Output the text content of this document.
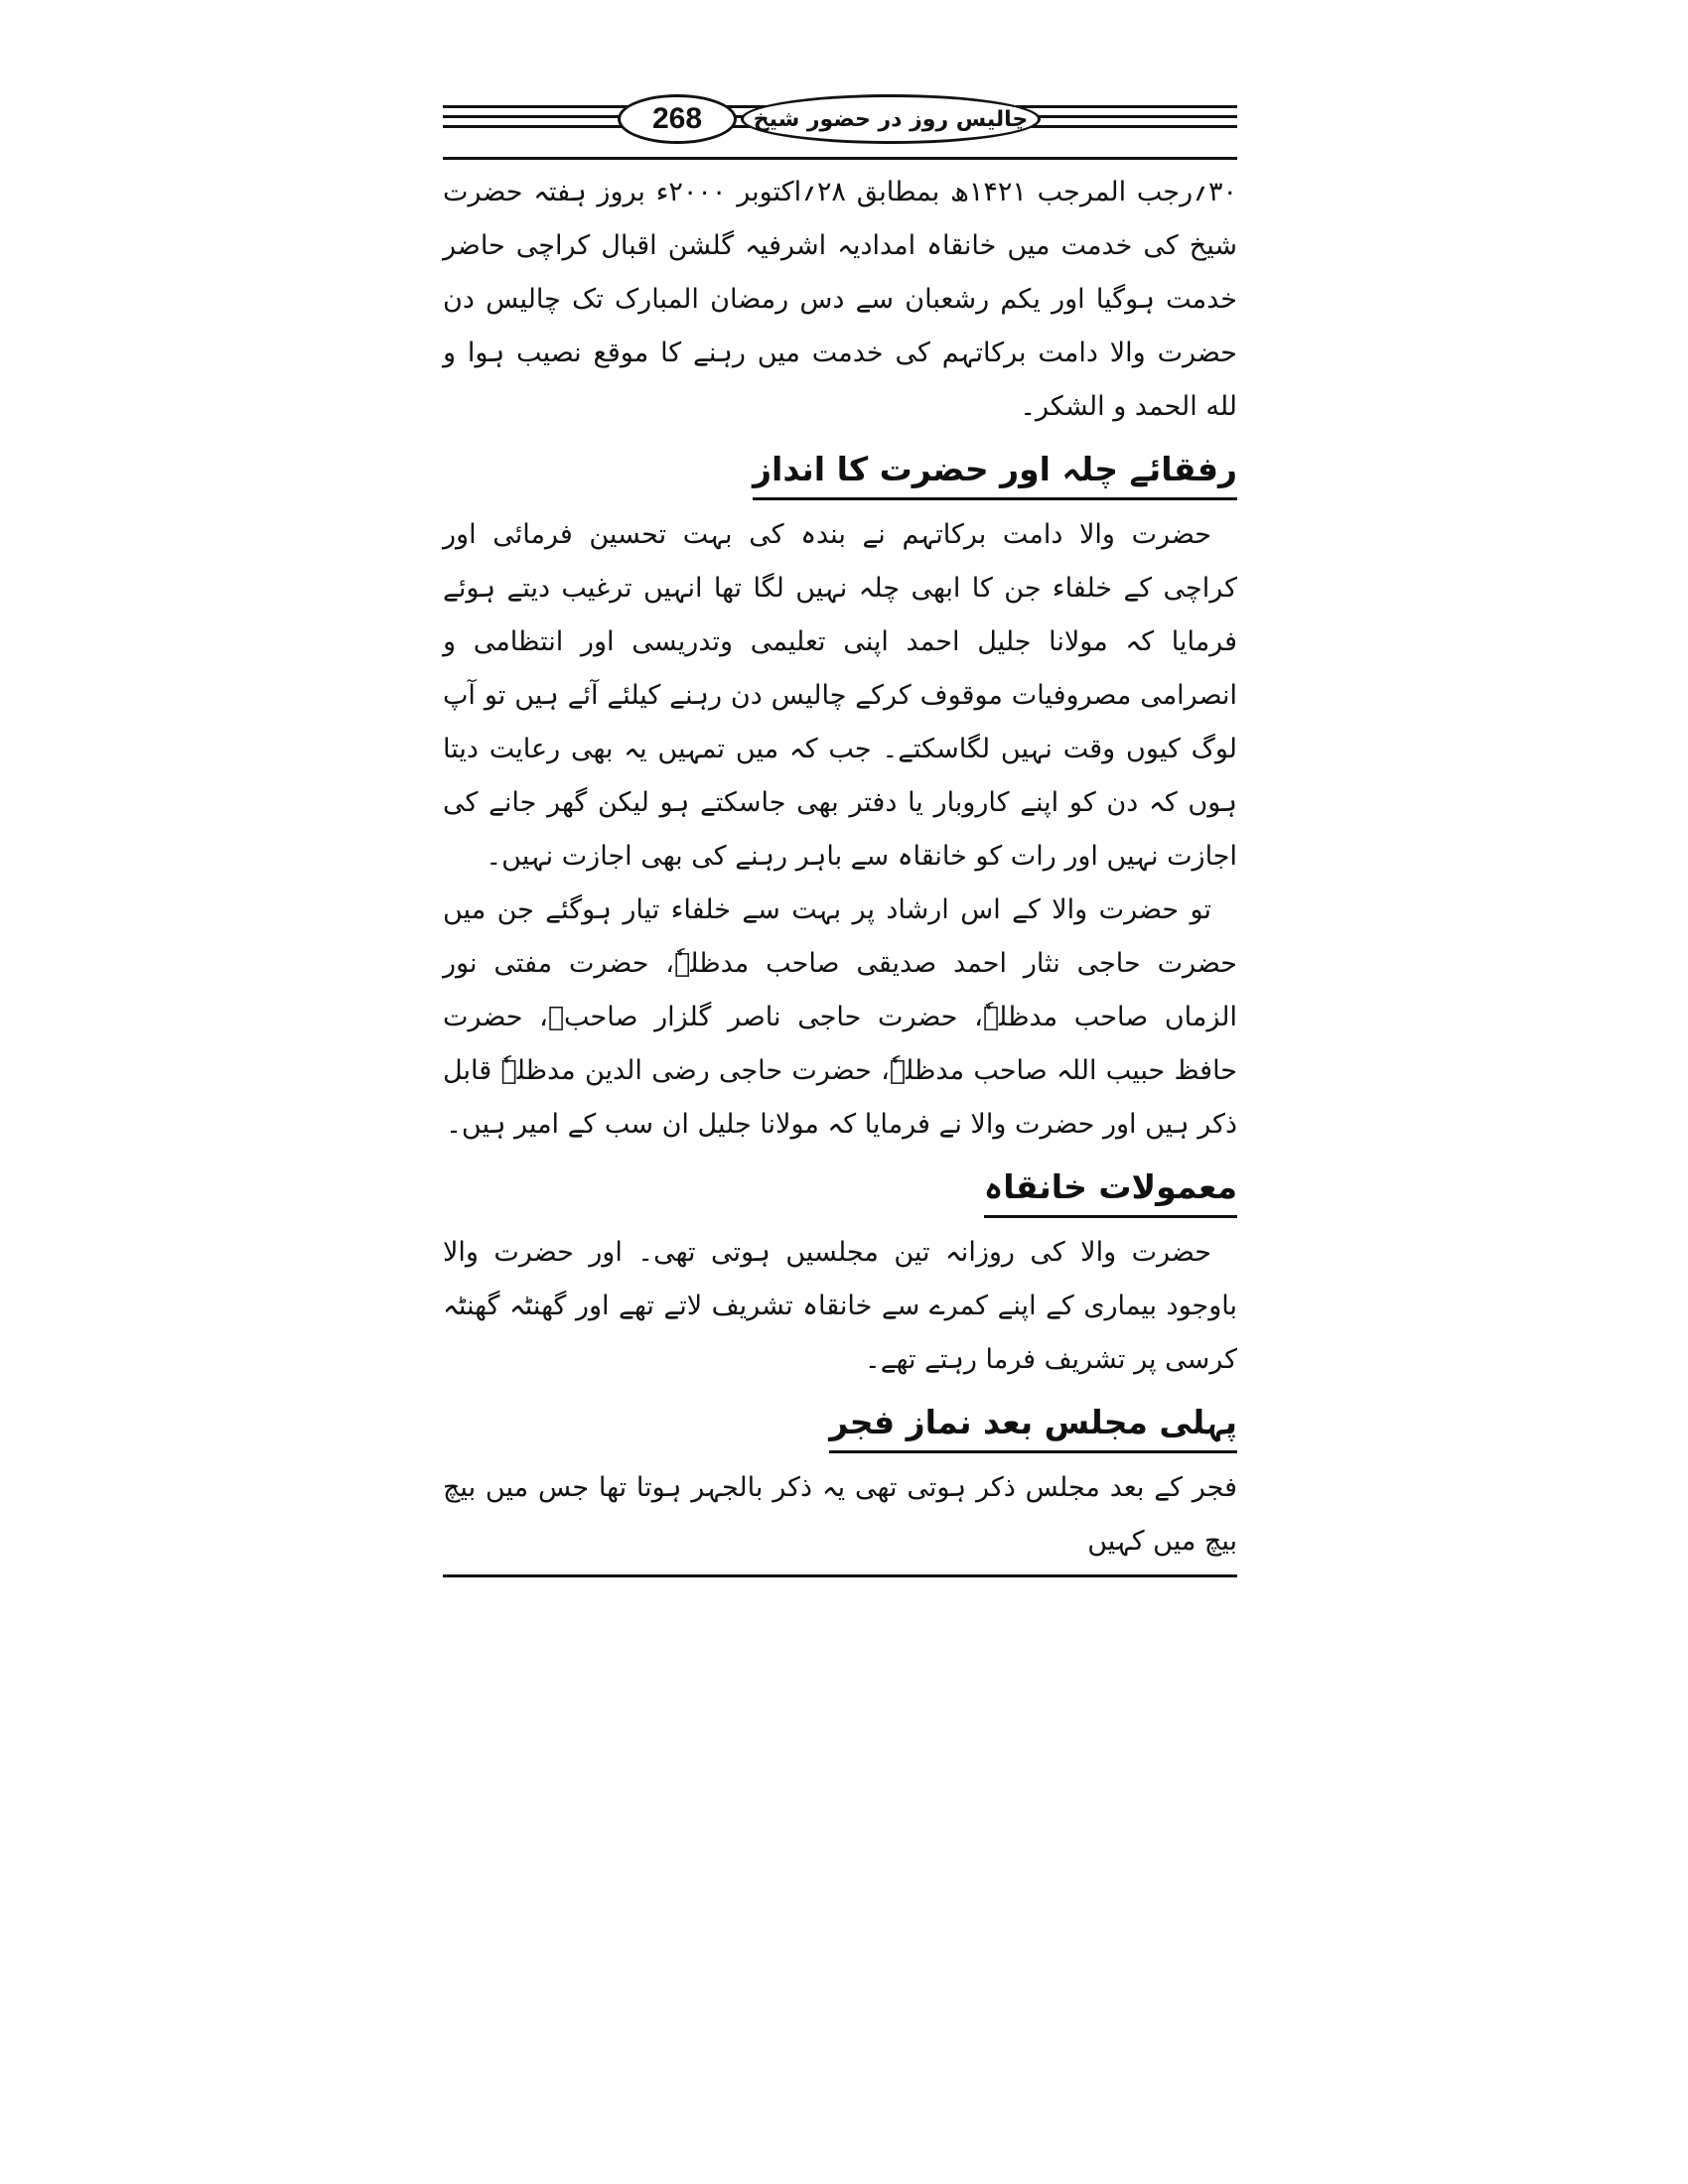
268 چالیس روز در حضور شیخ

۳۰؍رجب المرجب ۱۴۲۱ھ بمطابق ۲۸؍اکتوبر ۲۰۰۰ء بروز ہفتہ حضرت شیخ کی خدمت میں خانقاہ امدادیہ اشرفیہ گلشن اقبال کراچی حاضر خدمت ہوگیا اور یکم رشعبان سے دس رمضان المبارک تک چالیس دن حضرت والا دامت برکاتہم کی خدمت میں رہنے کا موقع نصیب ہوا و لله الحمد و الشکر۔

رفقائے چلہ اور حضرت کا انداز

حضرت والا دامت برکاتہم نے بندہ کی بہت تحسین فرمائی اور کراچی کے خلفاء جن کا ابھی چلہ نہیں لگا تھا انہیں ترغیب دیتے ہوئے فرمایا کہ مولانا جلیل احمد اپنی تعلیمی وتدریسی اور انتظامی و انصرامی مصروفیات موقوف کرکے چالیس دن رہنے کیلئے آئے ہیں تو آپ لوگ کیوں وقت نہیں لگاسکتے۔ جب کہ میں تمہیں یہ بھی رعایت دیتا ہوں کہ دن کو اپنے کاروبار یا دفتر بھی جاسکتے ہو لیکن گھر جانے کی اجازت نہیں اور رات کو خانقاہ سے باہر رہنے کی بھی اجازت نہیں۔

تو حضرت والا کے اس ارشاد پر بہت سے خلفاء تیار ہوگئے جن میں حضرت حاجی نثار احمد صدیقی صاحب مدظلہٗ، حضرت مفتی نور الزماں صاحب مدظلہٗ، حضرت حاجی ناصر گلزار صاحبؒ، حضرت حافظ حبیب اللہ صاحب مدظلہٗ، حضرت حاجی رضی الدین مدظلہٗ قابل ذکر ہیں اور حضرت والا نے فرمایا کہ مولانا جلیل ان سب کے امیر ہیں۔

معمولات خانقاہ

حضرت والا کی روزانہ تین مجلسیں ہوتی تھی۔ اور حضرت والا باوجود بیماری کے اپنے کمرے سے خانقاہ تشریف لاتے تھے اور گھنٹہ گھنٹہ کرسی پر تشریف فرما رہتے تھے۔

پہلی مجلس بعد نماز فجر

فجر کے بعد مجلس ذکر ہوتی تھی یہ ذکر بالجہر ہوتا تھا جس میں بیچ بیچ میں کہیں
